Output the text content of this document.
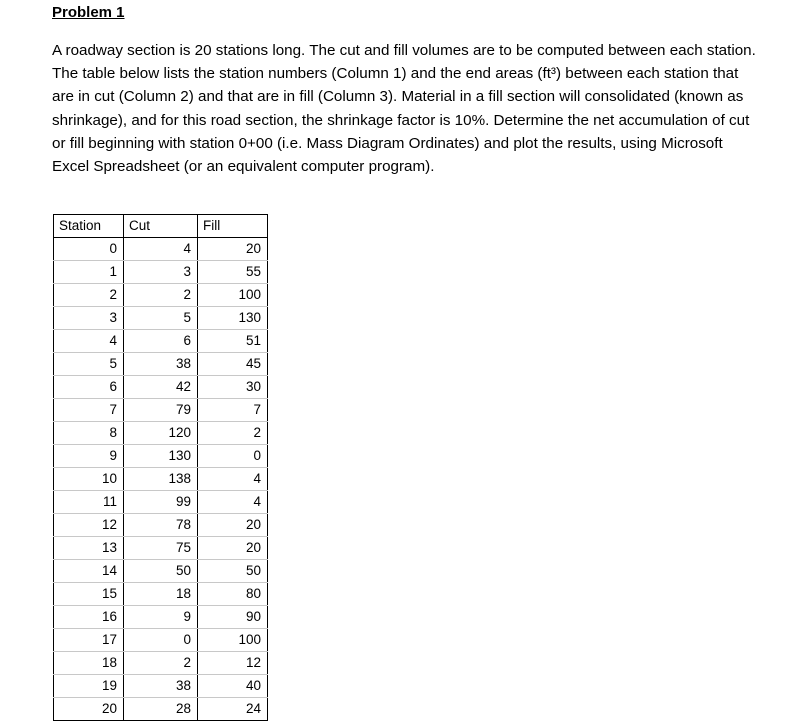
Problem 1

A roadway section is 20 stations long. The cut and fill volumes are to be computed between each station. The table below lists the station numbers (Column 1) and the end areas (ft³) between each station that are in cut (Column 2) and that are in fill (Column 3). Material in a fill section will consolidated (known as shrinkage), and for this road section, the shrinkage factor is 10%. Determine the net accumulation of cut or fill beginning with station 0+00 (i.e. Mass Diagram Ordinates) and plot the results, using Microsoft Excel Spreadsheet (or an equivalent computer program).

Station	Cut	Fill
0	4	20
1	3	55
2	2	100
3	5	130
4	6	51
5	38	45
6	42	30
7	79	7
8	120	2
9	130	0
10	138	4
11	99	4
12	78	20
13	75	20
14	50	50
15	18	80
16	9	90
17	0	100
18	2	12
19	38	40
20	28	24
